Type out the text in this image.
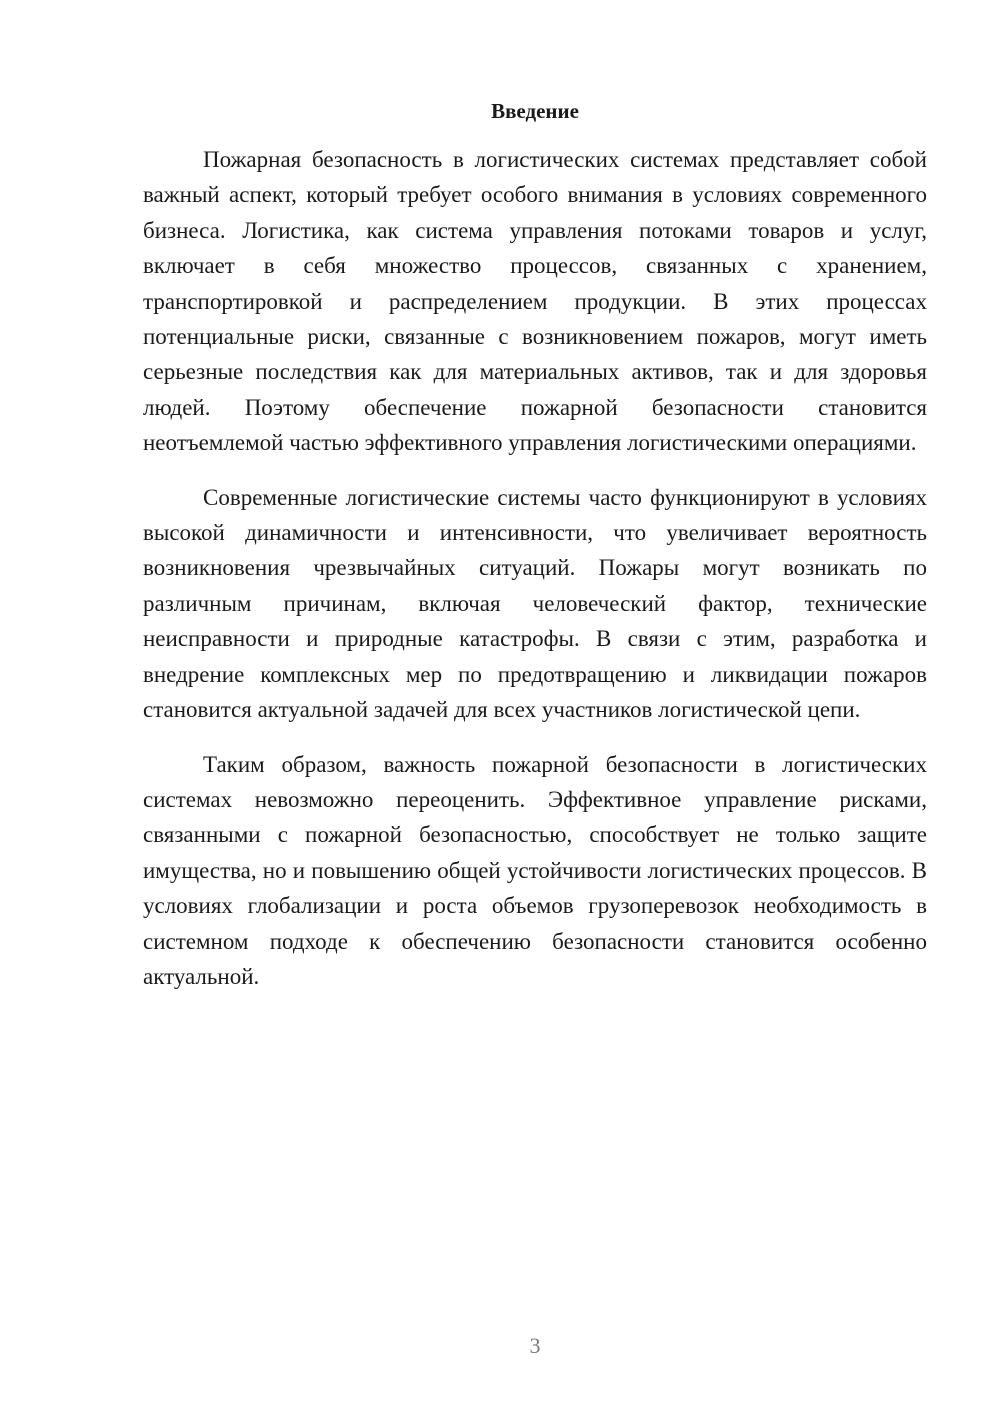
Введение

Пожарная безопасность в логистических системах представляет собой важный аспект, который требует особого внимания в условиях современного бизнеса. Логистика, как система управления потоками товаров и услуг, включает в себя множество процессов, связанных с хранением, транспортировкой и распределением продукции. В этих процессах потенциальные риски, связанные с возникновением пожаров, могут иметь серьезные последствия как для материальных активов, так и для здоровья людей. Поэтому обеспечение пожарной безопасности становится неотъемлемой частью эффективного управления логистическими операциями.

Современные логистические системы часто функционируют в условиях высокой динамичности и интенсивности, что увеличивает вероятность возникновения чрезвычайных ситуаций. Пожары могут возникать по различным причинам, включая человеческий фактор, технические неисправности и природные катастрофы. В связи с этим, разработка и внедрение комплексных мер по предотвращению и ликвидации пожаров становится актуальной задачей для всех участников логистической цепи.

Таким образом, важность пожарной безопасности в логистических системах невозможно переоценить. Эффективное управление рисками, связанными с пожарной безопасностью, способствует не только защите имущества, но и повышению общей устойчивости логистических процессов. В условиях глобализации и роста объемов грузоперевозок необходимость в системном подходе к обеспечению безопасности становится особенно актуальной.

3
